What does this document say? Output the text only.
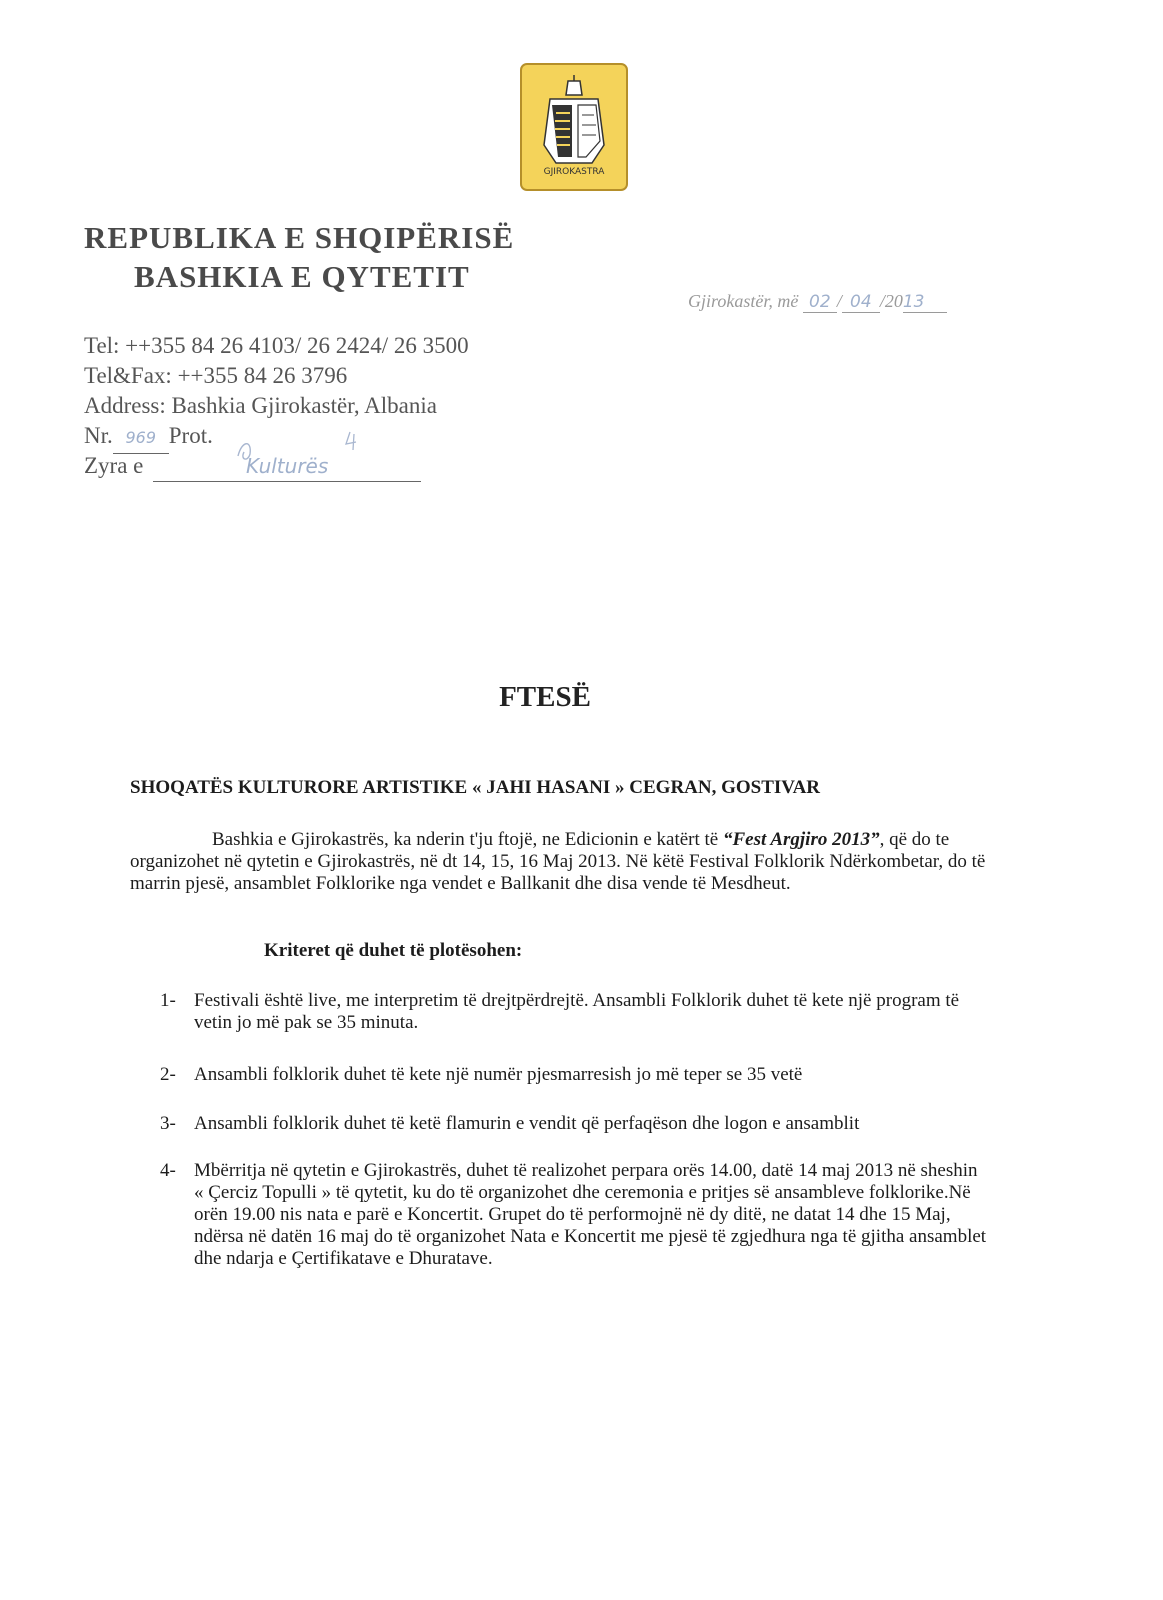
GJIROKASTRA
REPUBLIKA E SHQIPËRISË
BASHKIA E QYTETIT
Gjirokastër, më 02 / 04 /2013
Tel: ++355 84 26 4103/ 26 2424/ 26 3500
Tel&Fax: ++355 84 26 3796
Address: Bashkia Gjirokastër, Albania
Nr. 969 Prot.
Zyra e	Kulturës
FTESË
SHOQATËS KULTURORE ARTISTIKE « JAHI HASANI » CEGRAN, GOSTIVAR
Bashkia e Gjirokastrës, ka nderin t'ju ftojë, ne Edicionin e katërt të “Fest Argjiro 2013”, që do te organizohet në qytetin e Gjirokastrës, në dt 14, 15, 16 Maj 2013. Në këtë Festival Folklorik Ndërkombetar, do të marrin pjesë, ansamblet Folklorike nga vendet e Ballkanit dhe disa vende të Mesdheut.
Kriteret që duhet të plotësohen:
1- Festivali është live, me interpretim të drejtpërdrejtë. Ansambli Folklorik duhet të kete një program të vetin jo më pak se 35 minuta.
2- Ansambli folklorik duhet të kete një numër pjesmarresish jo më teper se 35 vetë
3- Ansambli folklorik duhet të ketë flamurin e vendit që perfaqëson dhe logon e ansamblit
4- Mbërritja në qytetin e Gjirokastrës, duhet të realizohet perpara orës 14.00, datë 14 maj 2013 në sheshin « Çerciz Topulli » të qytetit, ku do të organizohet dhe ceremonia e pritjes së ansambleve folklorike.Në orën 19.00 nis nata e parë e Koncertit. Grupet do të performojnë në dy ditë, ne datat 14 dhe 15 Maj, ndërsa në datën 16 maj do të organizohet Nata e Koncertit me pjesë të zgjedhura nga të gjitha ansamblet dhe ndarja e Çertifikatave e Dhuratave.
